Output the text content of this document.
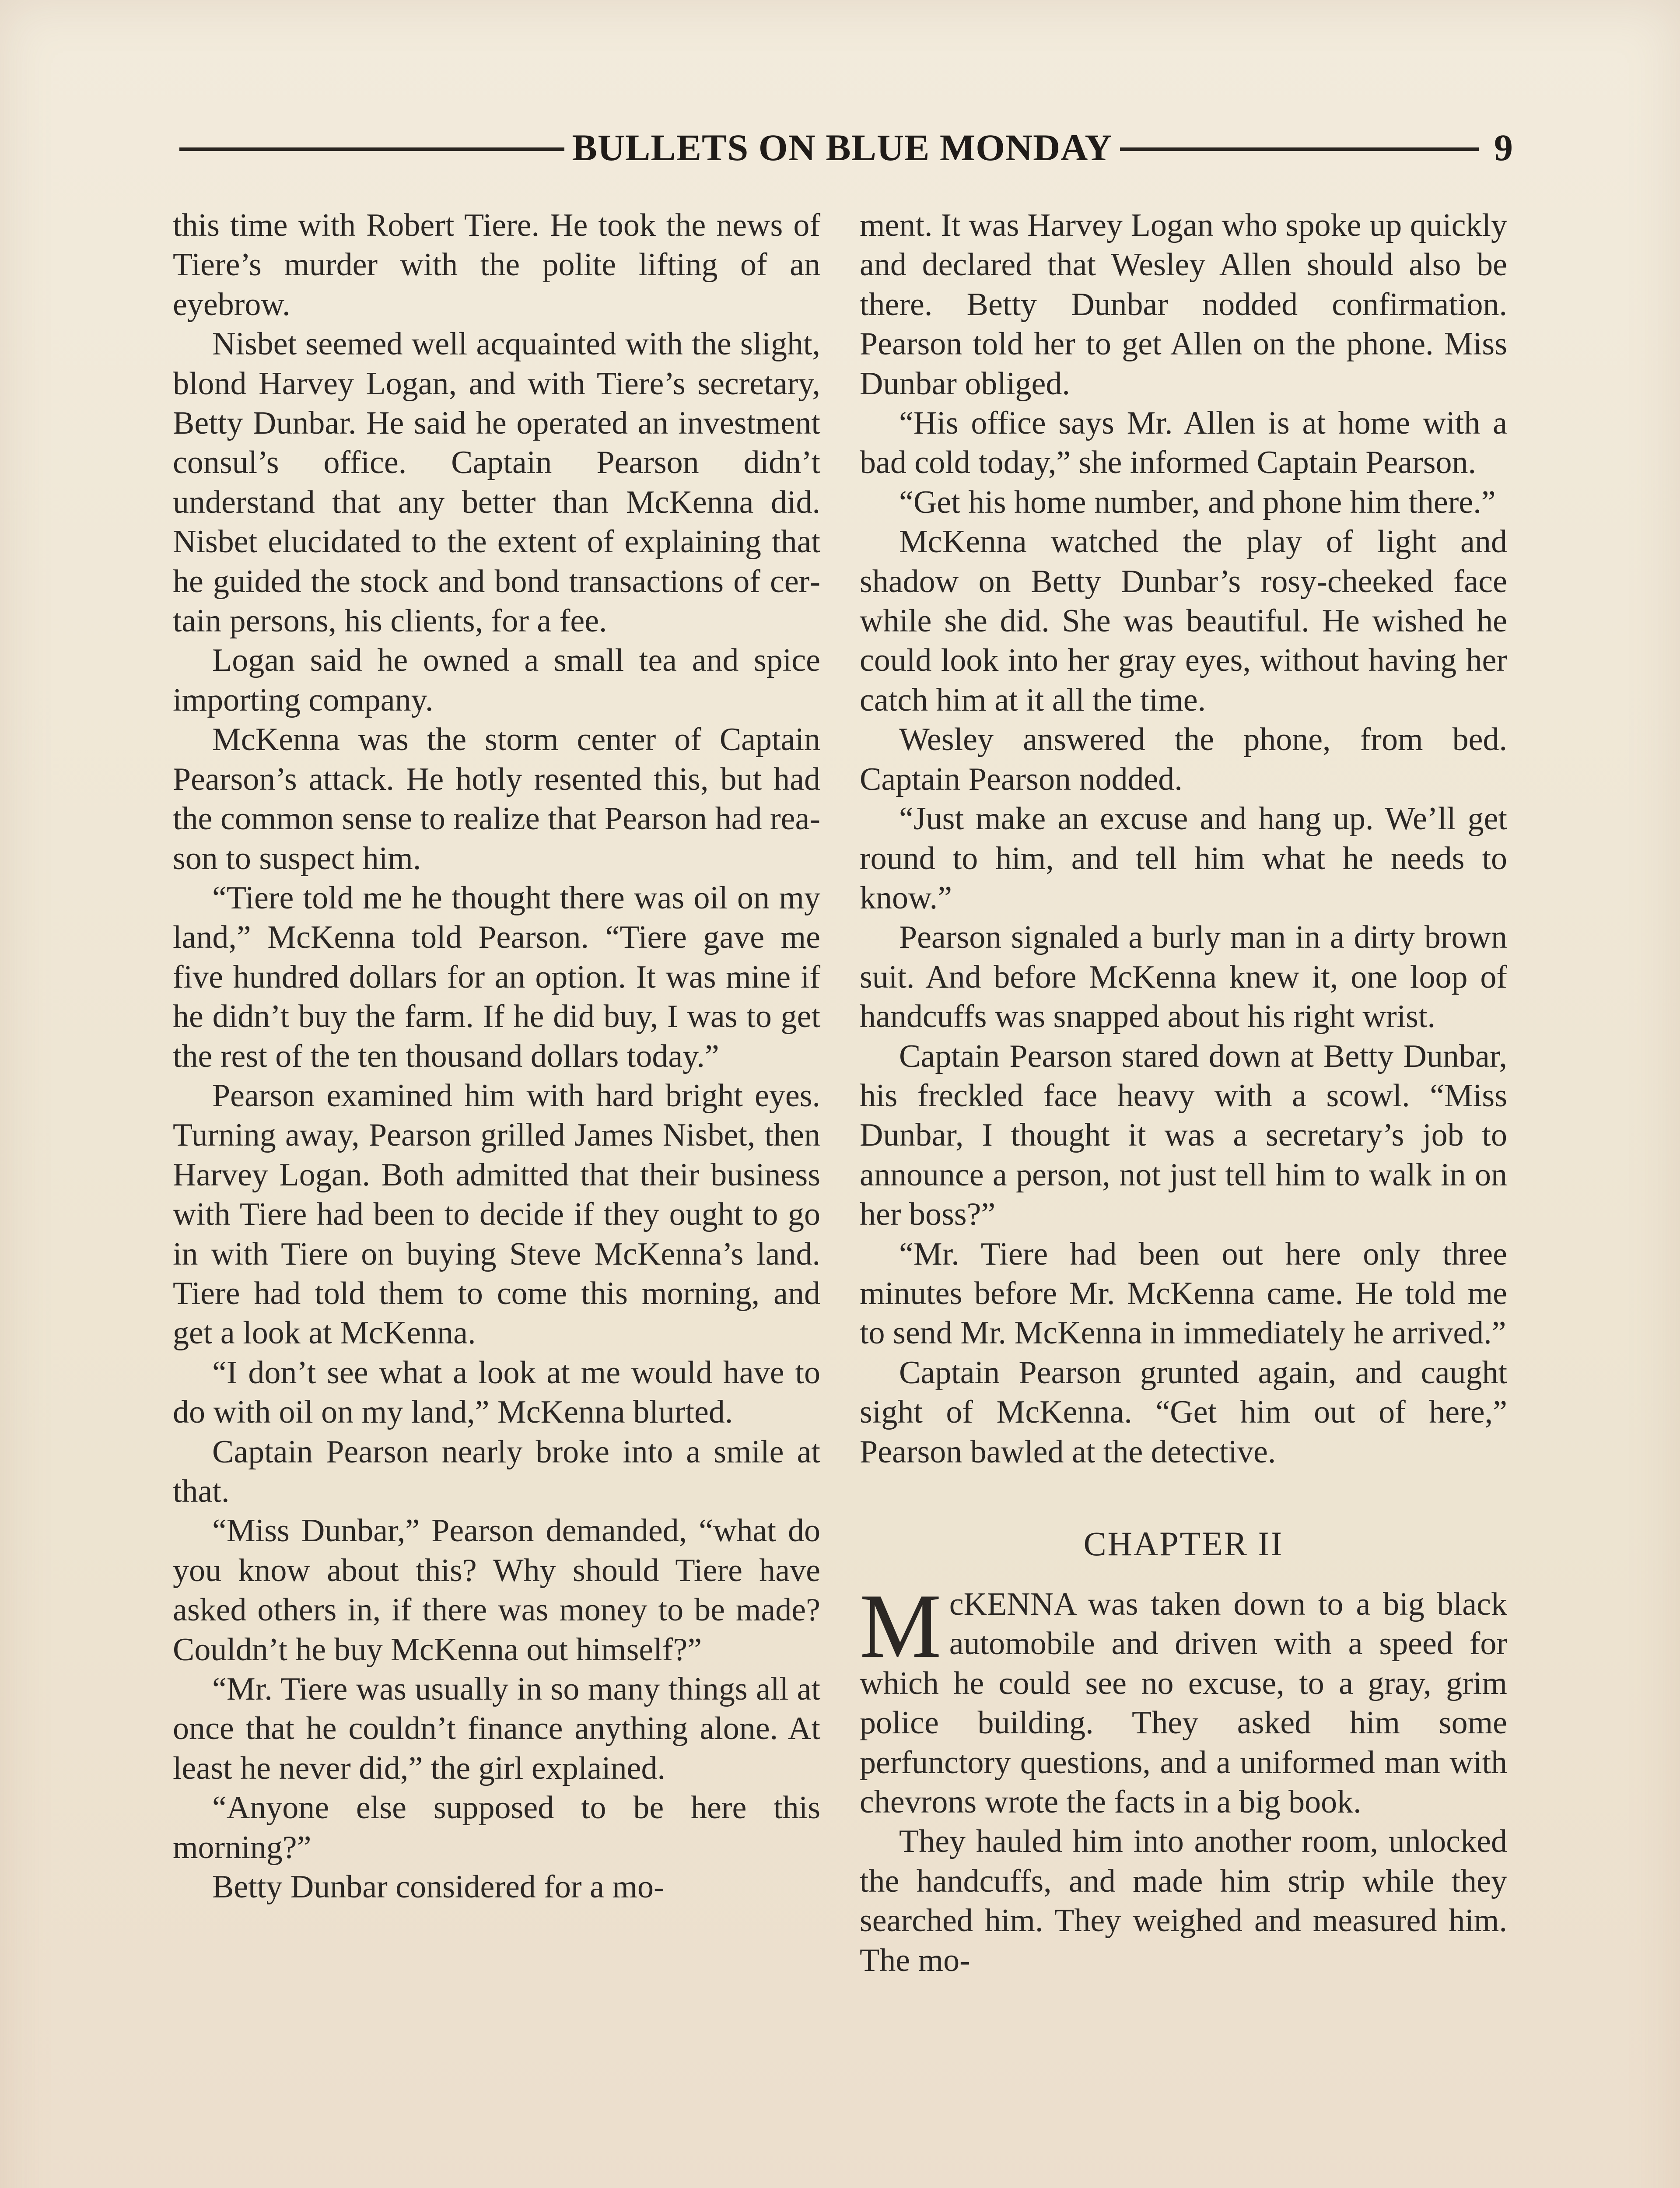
BULLETS ON BLUE MONDAY	9

this time with Robert Tiere. He took the news of Tiere’s murder with the polite lifting of an eyebrow.

Nisbet seemed well acquainted with the slight, blond Harvey Logan, and with Tiere’s secretary, Betty Dunbar. He said he operated an investment consul’s office. Captain Pearson didn’t understand that any better than McKenna did. Nisbet elucidated to the extent of explaining that he guided the stock and bond transactions of certain persons, his clients, for a fee.

Logan said he owned a small tea and spice importing company.

McKenna was the storm center of Captain Pearson’s attack. He hotly resented this, but had the common sense to realize that Pearson had reason to suspect him.

“Tiere told me he thought there was oil on my land,” McKenna told Pearson. “Tiere gave me five hundred dollars for an option. It was mine if he didn’t buy the farm. If he did buy, I was to get the rest of the ten thousand dollars today.”

Pearson examined him with hard bright eyes. Turning away, Pearson grilled James Nisbet, then Harvey Logan. Both admitted that their business with Tiere had been to decide if they ought to go in with Tiere on buying Steve McKenna’s land. Tiere had told them to come this morning, and get a look at McKenna.

“I don’t see what a look at me would have to do with oil on my land,” McKenna blurted.

Captain Pearson nearly broke into a smile at that.

“Miss Dunbar,” Pearson demanded, “what do you know about this? Why should Tiere have asked others in, if there was money to be made? Couldn’t he buy McKenna out himself?”

“Mr. Tiere was usually in so many things all at once that he couldn’t finance anything alone. At least he never did,” the girl explained.

“Anyone else supposed to be here this morning?”

Betty Dunbar considered for a mo-

ment. It was Harvey Logan who spoke up quickly and declared that Wesley Allen should also be there. Betty Dunbar nodded confirmation. Pearson told her to get Allen on the phone. Miss Dunbar obliged.

“His office says Mr. Allen is at home with a bad cold today,” she informed Captain Pearson.

“Get his home number, and phone him there.”

McKenna watched the play of light and shadow on Betty Dunbar’s rosy-cheeked face while she did. She was beautiful. He wished he could look into her gray eyes, without having her catch him at it all the time.

Wesley answered the phone, from bed. Captain Pearson nodded.

“Just make an excuse and hang up. We’ll get round to him, and tell him what he needs to know.”

Pearson signaled a burly man in a dirty brown suit. And before McKenna knew it, one loop of handcuffs was snapped about his right wrist.

Captain Pearson stared down at Betty Dunbar, his freckled face heavy with a scowl. “Miss Dunbar, I thought it was a secretary’s job to announce a person, not just tell him to walk in on her boss?”

“Mr. Tiere had been out here only three minutes before Mr. McKenna came. He told me to send Mr. McKenna in immediately he arrived.”

Captain Pearson grunted again, and caught sight of McKenna. “Get him out of here,” Pearson bawled at the detective.

CHAPTER II

McKENNA was taken down to a big black automobile and driven with a speed for which he could see no excuse, to a gray, grim police building. They asked him some perfunctory questions, and a uniformed man with chevrons wrote the facts in a big book.

They hauled him into another room, unlocked the handcuffs, and made him strip while they searched him. They weighed and measured him. The mo-
